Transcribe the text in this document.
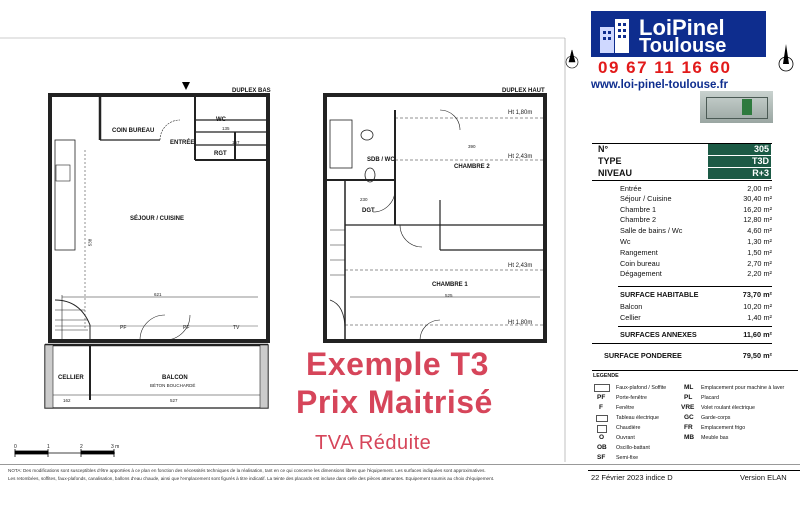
DUPLEX BAS	DUPLEX HAUT
COIN BUREAU
ENTRÉE
WC
135
RGT
167
SÉJOUR / CUISINE
538
621
BALCON
BÉTON BOUCHARDÉ
CELLIER
162	527
SDB / WC
CHAMBRE 2
390
DGT
230
CHAMBRE 1
525
Ht 1,80m
Ht 2,43m
Ht 2,43m
Ht 1,80m
PF	PF	TV
0	1	2	3 m
Exemple T3
Prix Maitrisé
TVA Réduite
LoiPinel
Toulouse
09 67 11 16 60
www.loi-pinel-toulouse.fr
N°	305
TYPE	T3D
NIVEAU	R+3
Entrée	2,00 m²
Séjour / Cuisine	30,40 m²
Chambre 1	16,20 m²
Chambre 2	12,80 m²
Salle de bains / Wc	4,60 m²
Wc	1,30 m²
Rangement	1,50 m²
Coin bureau	2,70 m²
Dégagement	2,20 m²
SURFACE HABITABLE	73,70 m²
Balcon	10,20 m²
Cellier	1,40 m²
SURFACES ANNEXES	11,60 m²
SURFACE PONDEREE	79,50 m²
LEGENDE
Faux-plafond / Soffite
PF Porte-fenêtre
F Fenêtre
Tableau électrique
Chaudière
O Ouvrant
OB Oscillo-battant
SF Semi-fixe
ML Emplacement pour machine à laver
PL Placard
VRE Volet roulant électrique
GC Garde-corps
FR Emplacement frigo
MB Meuble bas
NOTA: Des modifications sont susceptibles d'être apportées à ce plan en fonction des nécessités techniques de la réalisation, tant en ce qui concerne les dimensions libres que l'équipement. Les surfaces indiquées sont approximatives.
Les retombées, soffites, faux-plafonds, canalisation, ballons d'eau chaude, ainsi que l'emplacement sont figurés à titre indicatif. La teinte des placards est incluse dans celle des pièces attenantes. Equipement soumis au choix d'équipement.	22 Février 2023 indice D	Version ELAN
